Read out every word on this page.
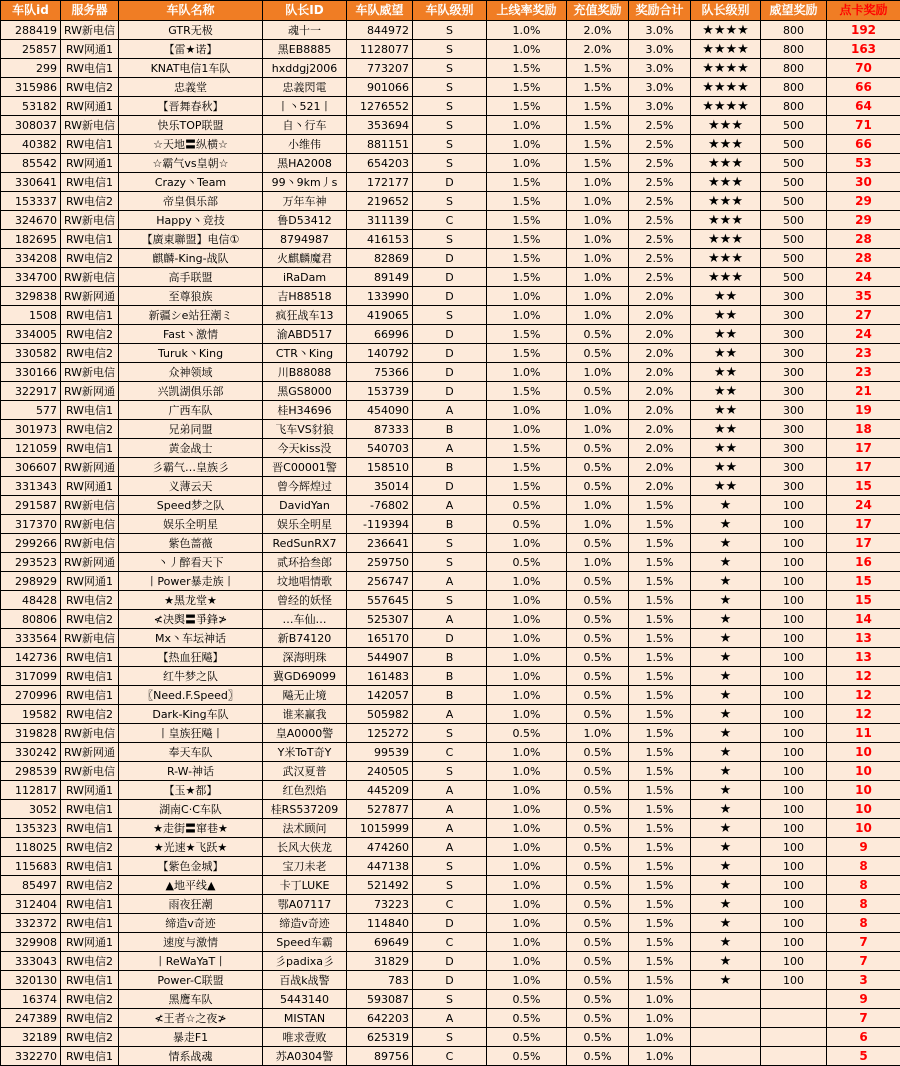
车队id	服务器	车队名称	队长ID	车队威望	车队级别	上线率奖励	充值奖励	奖励合计	队长级别	威望奖励	点卡奖励
288419	RW新电信	GTR无极	魂十一	844972	S	1.0%	2.0%	3.0%	★★★★	800	192
25857	RW网通1	【雷★诺】	黑EB8885	1128077	S	1.0%	2.0%	3.0%	★★★★	800	163
299	RW电信1	KNAT电信1车队	hxddgj2006	773207	S	1.5%	1.5%	3.0%	★★★★	800	70
315986	RW电信2	忠義堂	忠義閃電	901066	S	1.5%	1.5%	3.0%	★★★★	800	66
53182	RW网通1	【晋舞春秋】	丨丶521丨	1276552	S	1.5%	1.5%	3.0%	★★★★	800	64
308037	RW新电信	快乐TOP联盟	自丶行车	353694	S	1.0%	1.5%	2.5%	★★★	500	71
40382	RW电信1	☆天地〓纵横☆	小维伟	881151	S	1.0%	1.5%	2.5%	★★★	500	66
85542	RW网通1	☆霸气vs皇朝☆	黑HA2008	654203	S	1.0%	1.5%	2.5%	★★★	500	53
330641	RW电信1	Crazy丶Team	99丶9km丿s	172177	D	1.5%	1.0%	2.5%	★★★	500	30
153337	RW电信2	帝皇俱乐部	万年车神	219652	S	1.5%	1.0%	2.5%	★★★	500	29
324670	RW新电信	Happy丶竞技	鲁D53412	311139	C	1.5%	1.0%	2.5%	★★★	500	29
182695	RW电信1	【廣東聯盟】电信①	8794987	416153	S	1.5%	1.0%	2.5%	★★★	500	28
334208	RW电信2	麒麟-King-战队	火麒麟魔君	82869	D	1.5%	1.0%	2.5%	★★★	500	28
334700	RW新电信	高手联盟	iRaDam	89149	D	1.5%	1.0%	2.5%	★★★	500	24
329838	RW新网通	至尊狼族	吉H88518	133990	D	1.0%	1.0%	2.0%	★★	300	35
1508	RW电信1	新疆シe站狂潮ミ	疯狂战车13	419065	S	1.0%	1.0%	2.0%	★★	300	27
334005	RW电信2	Fast丶激情	渝ABD517	66996	D	1.5%	0.5%	2.0%	★★	300	24
330582	RW电信2	Turuk丶King	CTR丶King	140792	D	1.5%	0.5%	2.0%	★★	300	23
330166	RW新电信	众神领域	川B88088	75366	D	1.0%	1.0%	2.0%	★★	300	23
322917	RW新网通	兴凯湖俱乐部	黑GS8000	153739	D	1.5%	0.5%	2.0%	★★	300	21
577	RW电信1	广西车队	桂H34696	454090	A	1.0%	1.0%	2.0%	★★	300	19
301973	RW电信2	兄弟同盟	飞车VS豺狼	87333	B	1.0%	1.0%	2.0%	★★	300	18
121059	RW电信1	黄金战士	今天kiss没	540703	A	1.5%	0.5%	2.0%	★★	300	17
306607	RW新网通	彡霸气…皇族彡	晋C00001警	158510	B	1.5%	0.5%	2.0%	★★	300	17
331343	RW网通1	义薄云天	曾今辉煌过	35014	D	1.5%	0.5%	2.0%	★★	300	15
291587	RW新电信	Speed梦之队	DavidYan	-76802	A	0.5%	1.0%	1.5%	★	100	24
317370	RW新电信	娱乐全明星	娱乐全明星	-119394	B	0.5%	1.0%	1.5%	★	100	17
299266	RW新电信	紫色蔷薇	RedSunRX7	236641	S	1.0%	0.5%	1.5%	★	100	17
293523	RW新网通	丶丿醉看天下	贰环拾叁郎	259750	S	0.5%	1.0%	1.5%	★	100	16
298929	RW网通1	丨Power暴走族丨	坟地唱情歌	256747	A	1.0%	0.5%	1.5%	★	100	15
48428	RW电信2	★黑龙堂★	曾经的妖怪	557645	S	1.0%	0.5%	1.5%	★	100	15
80806	RW电信2	≮决舆〓爭鋒≯	…车仙…	525307	A	1.0%	0.5%	1.5%	★	100	14
333564	RW新电信	Mx丶车坛神话	新B74120	165170	D	1.0%	0.5%	1.5%	★	100	13
142736	RW电信1	【热血狂飚】	深海明珠	544907	B	1.0%	0.5%	1.5%	★	100	13
317099	RW电信1	红牛梦之队	冀GD69099	161483	B	1.0%	0.5%	1.5%	★	100	12
270996	RW电信1	〖Need.F.Speed〗	飚无止境	142057	B	1.0%	0.5%	1.5%	★	100	12
19582	RW电信2	Dark-King车队	谁来赢我	505982	A	1.0%	0.5%	1.5%	★	100	12
319828	RW新电信	丨皇族狂飚丨	皇A0000警	125272	S	0.5%	1.0%	1.5%	★	100	11
330242	RW新网通	奉天车队	Y米ToT奇Y	99539	C	1.0%	0.5%	1.5%	★	100	10
298539	RW新电信	R-W-神话	武汉夏普	240505	S	1.0%	0.5%	1.5%	★	100	10
112817	RW网通1	【玉★都】	红色烈焰	445209	A	1.0%	0.5%	1.5%	★	100	10
3052	RW电信1	湖南C·C车队	桂RS537209	527877	A	1.0%	0.5%	1.5%	★	100	10
135323	RW电信1	★走街〓窜巷★	法术顾问	1015999	A	1.0%	0.5%	1.5%	★	100	10
118025	RW电信2	★光速★飞跃★	长风大侠龙	474260	A	1.0%	0.5%	1.5%	★	100	9
115683	RW电信1	【紫色金城】	宝刀未老	447138	S	1.0%	0.5%	1.5%	★	100	8
85497	RW电信2	▲地平线▲	卡丁LUKE	521492	S	1.0%	0.5%	1.5%	★	100	8
312404	RW电信1	雨夜狂潮	鄂A07117	73223	C	1.0%	0.5%	1.5%	★	100	8
332372	RW电信1	缔造v奇迹	缔造v奇迹	114840	D	1.0%	0.5%	1.5%	★	100	8
329908	RW网通1	速度与激情	Speed车霸	69649	C	1.0%	0.5%	1.5%	★	100	7
333043	RW电信2	丨ReWaYaT丨	彡padixa彡	31829	D	1.0%	0.5%	1.5%	★	100	7
320130	RW电信1	Power-C联盟	百战k战警	783	D	1.0%	0.5%	1.5%	★	100	3
16374	RW电信2	黑鹰车队	5443140	593087	S	0.5%	0.5%	1.0%			9
247389	RW电信2	≮王者☆之夜≯	MISTAN	642203	A	0.5%	0.5%	1.0%			7
32189	RW电信2	暴走F1	唯求壹败	625319	S	0.5%	0.5%	1.0%			6
332270	RW电信1	情系战魂	苏A0304警	89756	C	0.5%	0.5%	1.0%			5
